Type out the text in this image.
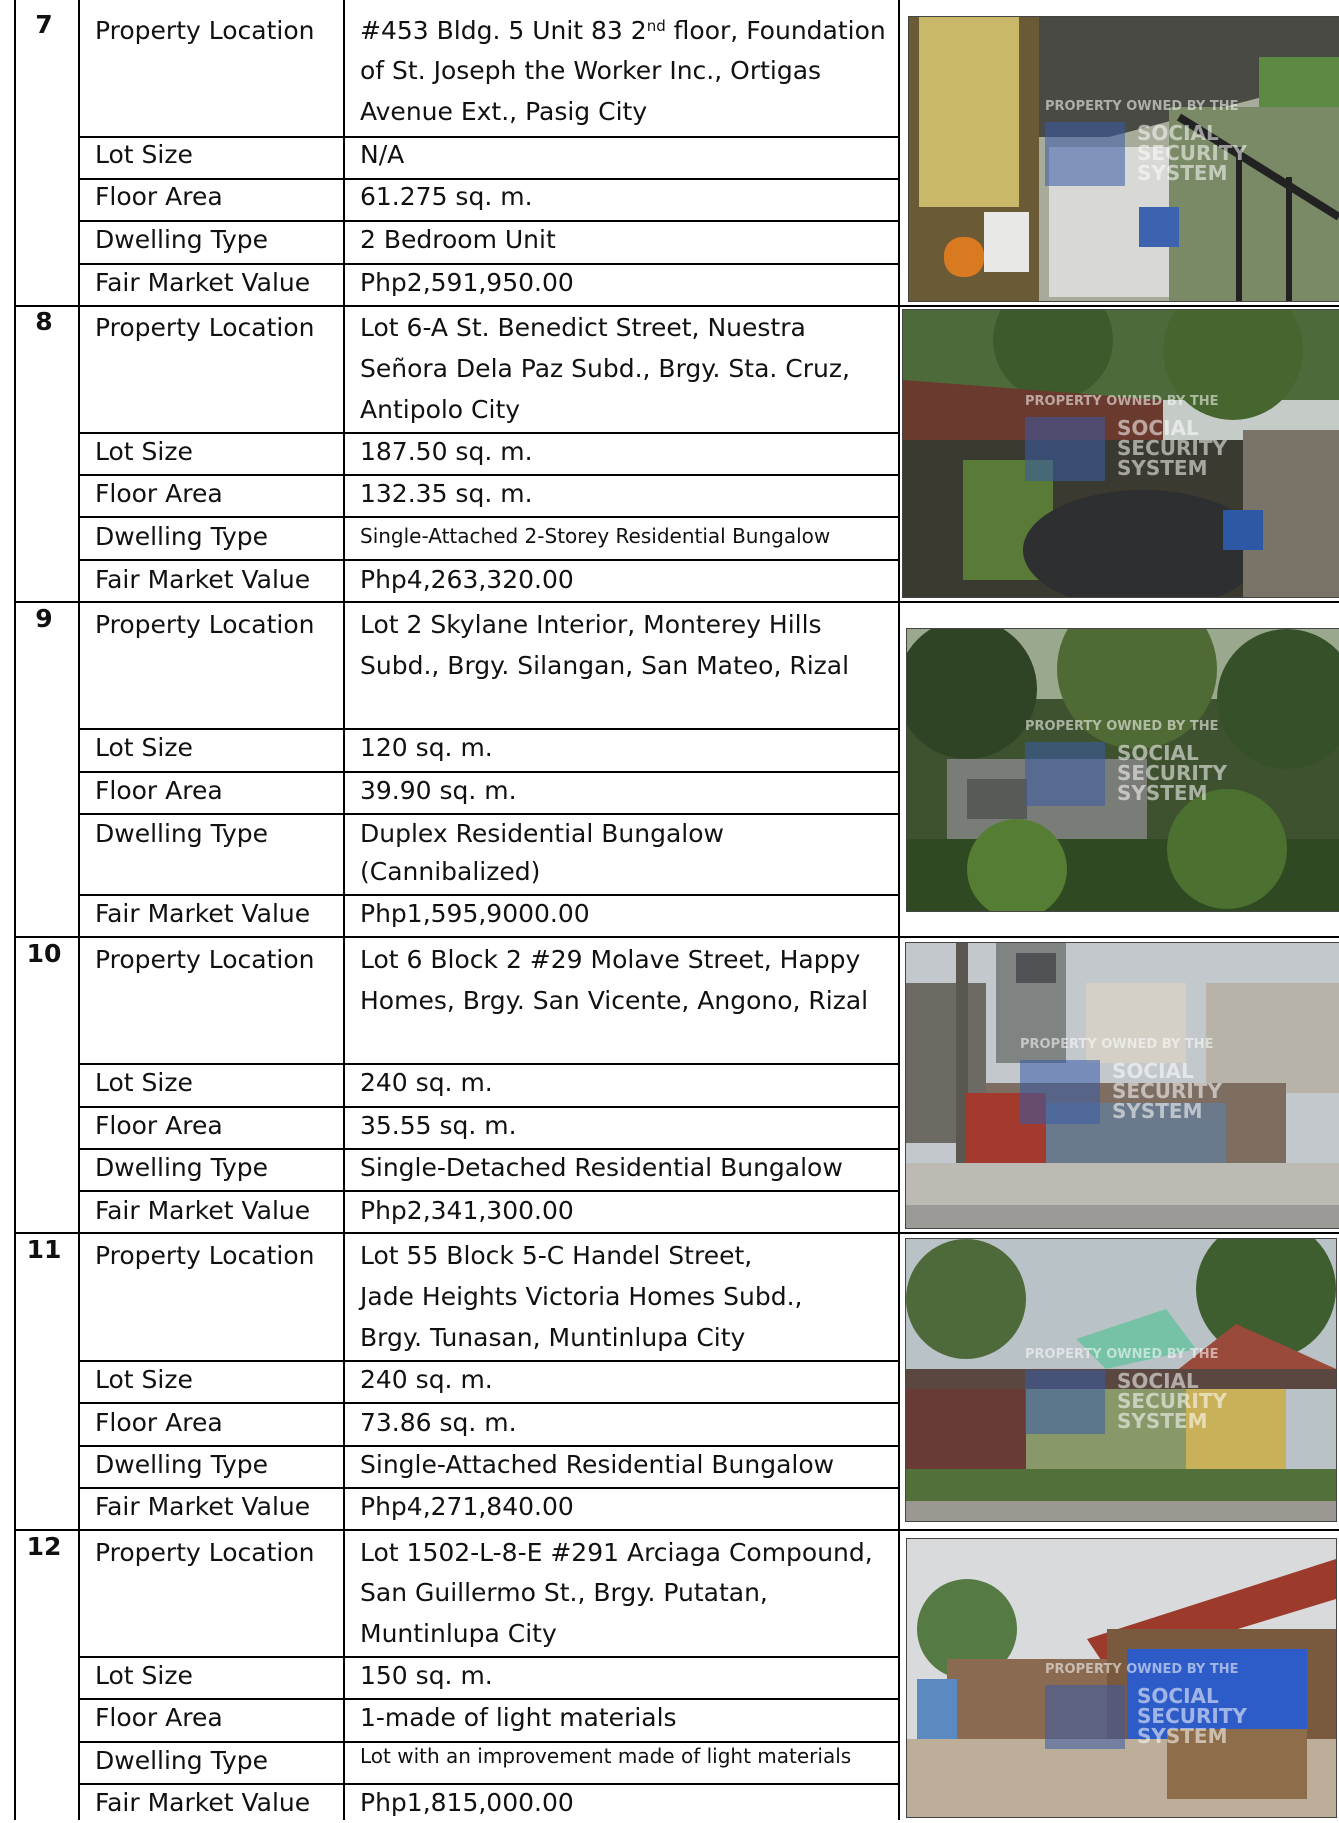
7	Property Location #453 Bldg. 5 Unit 83 2nd floor, Foundation
of St. Joseph the Worker Inc., Ortigas
Avenue Ext., Pasig City
Lot Size	N/A
Floor Area	61.275 sq. m.
Dwelling Type	2 Bedroom Unit
Fair Market Value Php2,591,950.00
8	Property Location Lot 6-A St. Benedict Street, Nuestra
Señora Dela Paz Subd., Brgy. Sta. Cruz,
Antipolo City
Lot Size	187.50 sq. m.
Floor Area	132.35 sq. m.
Dwelling Type	Single-Attached 2-Storey Residential Bungalow
Fair Market Value Php4,263,320.00
9	Property Location Lot 2 Skylane Interior, Monterey Hills
Subd., Brgy. Silangan, San Mateo, Rizal
Lot Size	120 sq. m.
Floor Area	39.90 sq. m.
Dwelling Type	Duplex Residential Bungalow
(Cannibalized)
Fair Market Value Php1,595,9000.00
10	Property Location Lot 6 Block 2 #29 Molave Street, Happy
Homes, Brgy. San Vicente, Angono, Rizal
Lot Size	240 sq. m.
Floor Area	35.55 sq. m.
Dwelling Type	Single-Detached Residential Bungalow
Fair Market Value Php2,341,300.00
11	Property Location Lot 55 Block 5-C Handel Street,
Jade Heights Victoria Homes Subd.,
Brgy. Tunasan, Muntinlupa City
Lot Size	240 sq. m.
Floor Area	73.86 sq. m.
Dwelling Type	Single-Attached Residential Bungalow
Fair Market Value Php4,271,840.00
12	Property Location Lot 1502-L-8-E #291 Arciaga Compound,
San Guillermo St., Brgy. Putatan,
Muntinlupa City
Lot Size	150 sq. m.
Floor Area	1-made of light materials
Dwelling Type	Lot with an improvement made of light materials
Fair Market Value Php1,815,000.00
PROPERTY OWNED BY THE
SOCIAL
SECURITY
SYSTEM
PROPERTY OWNED BY THE
SOCIAL
SECURITY
SYSTEM
PROPERTY OWNED BY THE
SOCIAL
SECURITY
SYSTEM
PROPERTY OWNED BY THE
SOCIAL
SECURITY
SYSTEM
PROPERTY OWNED BY THE
SOCIAL
SECURITY
SYSTEM
PROPERTY OWNED BY THE
SOCIAL
SECURITY
SYSTEM
